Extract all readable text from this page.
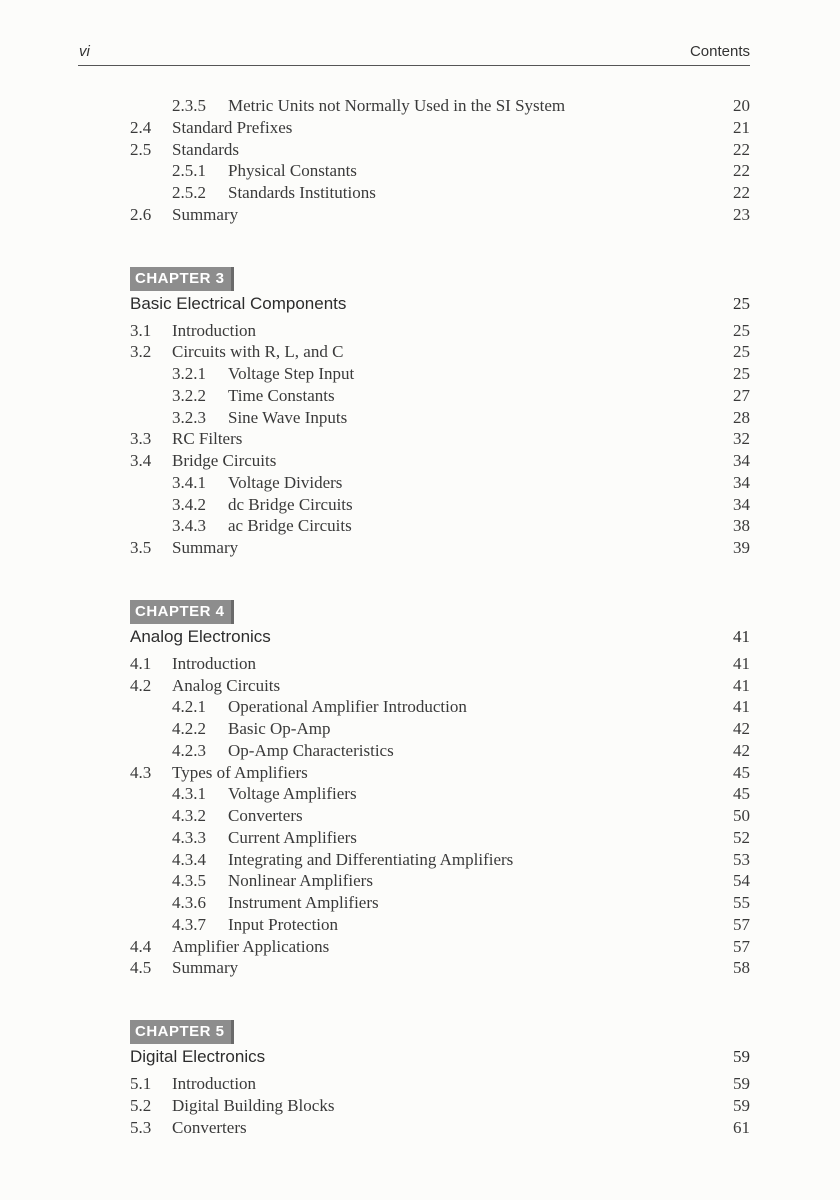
vi	Contents
2.3.5 Metric Units not Normally Used in the SI System	20
2.4 Standard Prefixes	21
2.5 Standards	22
2.5.1 Physical Constants	22
2.5.2 Standards Institutions	22
2.6 Summary	23
CHAPTER 3
Basic Electrical Components	25
3.1 Introduction	25
3.2 Circuits with R, L, and C	25
3.2.1 Voltage Step Input	25
3.2.2 Time Constants	27
3.2.3 Sine Wave Inputs	28
3.3 RC Filters	32
3.4 Bridge Circuits	34
3.4.1 Voltage Dividers	34
3.4.2 dc Bridge Circuits	34
3.4.3 ac Bridge Circuits	38
3.5 Summary	39
CHAPTER 4
Analog Electronics	41
4.1 Introduction	41
4.2 Analog Circuits	41
4.2.1 Operational Amplifier Introduction	41
4.2.2 Basic Op-Amp	42
4.2.3 Op-Amp Characteristics	42
4.3 Types of Amplifiers	45
4.3.1 Voltage Amplifiers	45
4.3.2 Converters	50
4.3.3 Current Amplifiers	52
4.3.4 Integrating and Differentiating Amplifiers	53
4.3.5 Nonlinear Amplifiers	54
4.3.6 Instrument Amplifiers	55
4.3.7 Input Protection	57
4.4 Amplifier Applications	57
4.5 Summary	58
CHAPTER 5
Digital Electronics	59
5.1 Introduction	59
5.2 Digital Building Blocks	59
5.3 Converters	61
